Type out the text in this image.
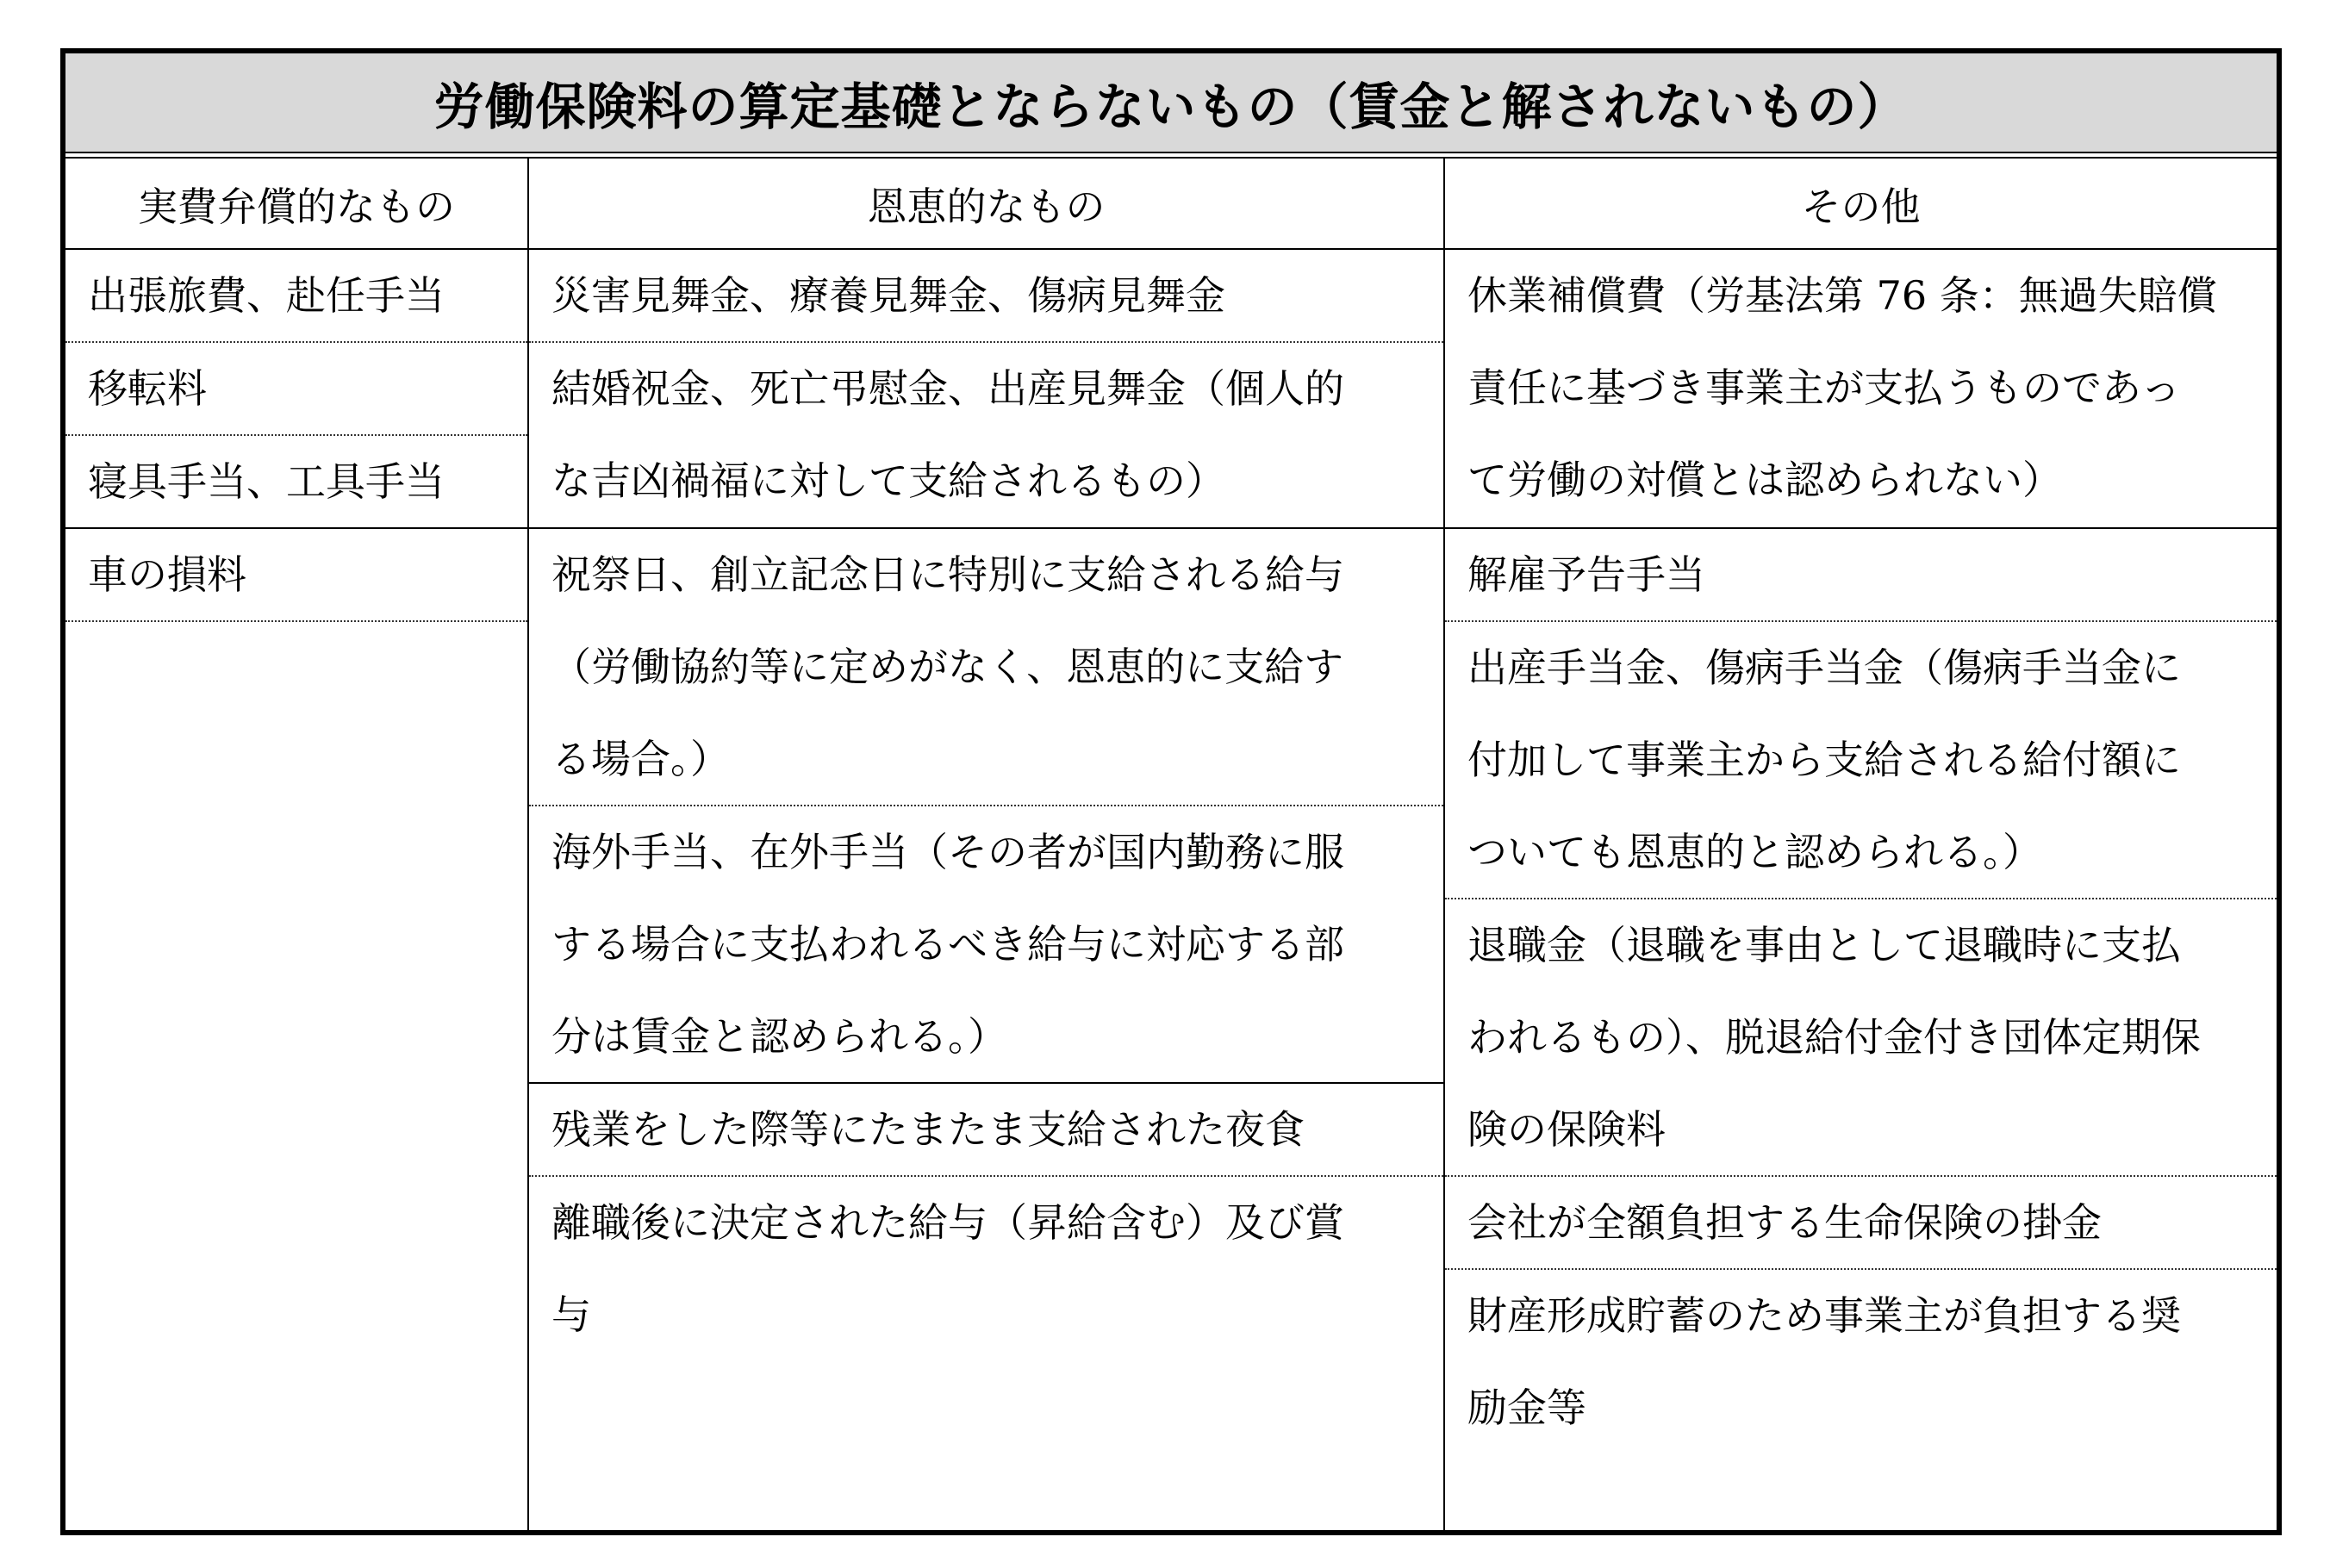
労働保険料の算定基礎とならないもの（賃金と解されないもの）
実費弁償的なもの	恩恵的なもの	その他
出張旅費、赴任手当
移転料
寝具手当、工具手当
車の損料
災害見舞金、療養見舞金、傷病見舞金
結婚祝金、死亡弔慰金、出産見舞金（個人的
な吉凶禍福に対して支給されるもの）
祝祭日、創立記念日に特別に支給される給与
（労働協約等に定めがなく、恩恵的に支給す
る場合。）
海外手当、在外手当（その者が国内勤務に服
する場合に支払われるべき給与に対応する部
分は賃金と認められる。）
残業をした際等にたまたま支給された夜食
離職後に決定された給与（昇給含む）及び賞
与
休業補償費（労基法第 76 条：無過失賠償
責任に基づき事業主が支払うものであっ
て労働の対償とは認められない）
解雇予告手当
出産手当金、傷病手当金（傷病手当金に
付加して事業主から支給される給付額に
ついても恩恵的と認められる。）
退職金（退職を事由として退職時に支払
われるもの）、脱退給付金付き団体定期保
険の保険料
会社が全額負担する生命保険の掛金
財産形成貯蓄のため事業主が負担する奨
励金等
